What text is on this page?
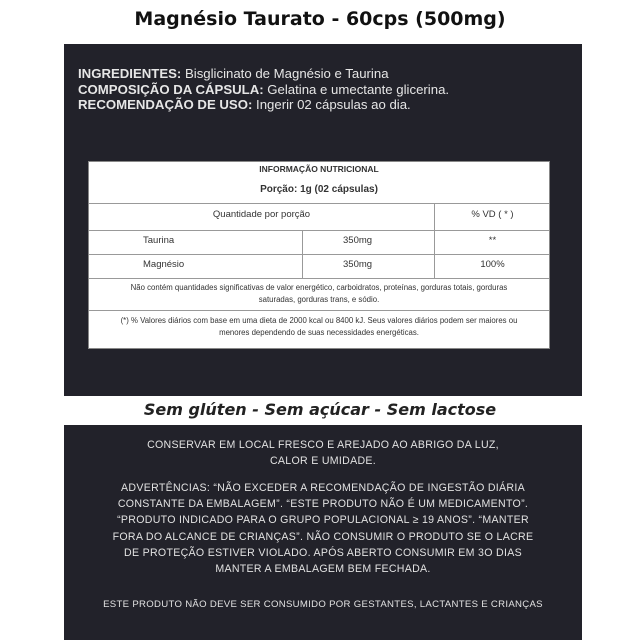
Magnésio Taurato - 60cps (500mg)
INGREDIENTES: Bisglicinato de Magnésio e Taurina
COMPOSIÇÃO DA CÁPSULA: Gelatina e umectante glicerina.
RECOMENDAÇÃO DE USO: Ingerir 02 cápsulas ao dia.
INFORMAÇÃO NUTRICIONAL
Porção: 1g (02 cápsulas)
Quantidade por porção	% VD ( * )
Taurina	350mg	**
Magnésio	350mg	100%
Não contém quantidades significativas de valor energético, carboidratos, proteínas, gorduras totais, gorduras
saturadas, gorduras trans, e sódio.
(*) % Valores diários com base em uma dieta de 2000 kcal ou 8400 kJ. Seus valores diários podem ser maiores ou
menores dependendo de suas necessidades energéticas.
Sem glúten - Sem açúcar - Sem lactose
CONSERVAR EM LOCAL FRESCO E AREJADO AO ABRIGO DA LUZ,
CALOR E UMIDADE.
ADVERTÊNCIAS: “NÃO EXCEDER A RECOMENDAÇÃO DE INGESTÃO DIÁRIA
CONSTANTE DA EMBALAGEM”. “ESTE PRODUTO NÃO É UM MEDICAMENTO”.
“PRODUTO INDICADO PARA O GRUPO POPULACIONAL ≥ 19 ANOS”. “MANTER
FORA DO ALCANCE DE CRIANÇAS”. NÃO CONSUMIR O PRODUTO SE O LACRE
DE PROTEÇÃO ESTIVER VIOLADO. APÓS ABERTO CONSUMIR EM 3O DIAS
MANTER A EMBALAGEM BEM FECHADA.
ESTE PRODUTO NÃO DEVE SER CONSUMIDO POR GESTANTES, LACTANTES E CRIANÇAS
